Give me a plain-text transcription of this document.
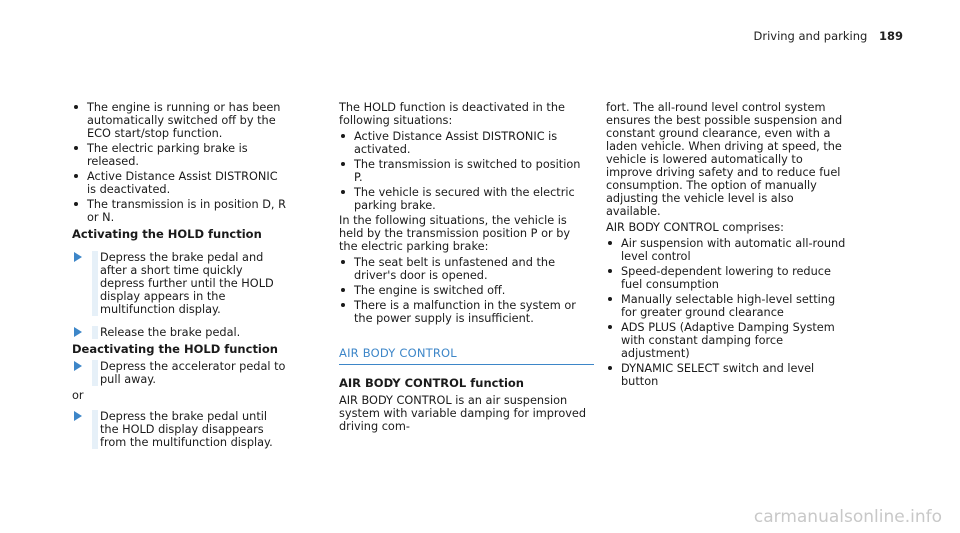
Driving and parking 189
The engine is running or has been automatically switched off by the ECO start/stop function.
The electric parking brake is released.
Active Distance Assist DISTRONIC is deactivated.
The transmission is in position D, R or N.
Activating the HOLD function

Depress the brake pedal and after a short time quickly depress further until the HOLD display appears in the multifunction display.

Release the brake pedal.

Deactivating the HOLD function

Depress the accelerator pedal to pull away.

or

Depress the brake pedal until the HOLD display disappears from the multifunction display.

The HOLD function is deactivated in the following situations:

Active Distance Assist DISTRONIC is activated.
The transmission is switched to position P.
The vehicle is secured with the electric parking brake.

In the following situations, the vehicle is held by the transmission position P or by the electric parking brake:

The seat belt is unfastened and the driver's door is opened.
The engine is switched off.
There is a malfunction in the system or the power supply is insufficient.
AIR BODY CONTROL
AIR BODY CONTROL function

AIR BODY CONTROL is an air suspension system with variable damping for improved driving com-

fort. The all-round level control system ensures the best possible suspension and constant ground clearance, even with a laden vehicle. When driving at speed, the vehicle is lowered automatically to improve driving safety and to reduce fuel consumption. The option of manually adjusting the vehicle level is also available.

AIR BODY CONTROL comprises:

Air suspension with automatic all-round level control
Speed-dependent lowering to reduce fuel consumption
Manually selectable high-level setting for greater ground clearance
ADS PLUS (Adaptive Damping System with constant damping force adjustment)
DYNAMIC SELECT switch and level button
carmanualsonline.info
